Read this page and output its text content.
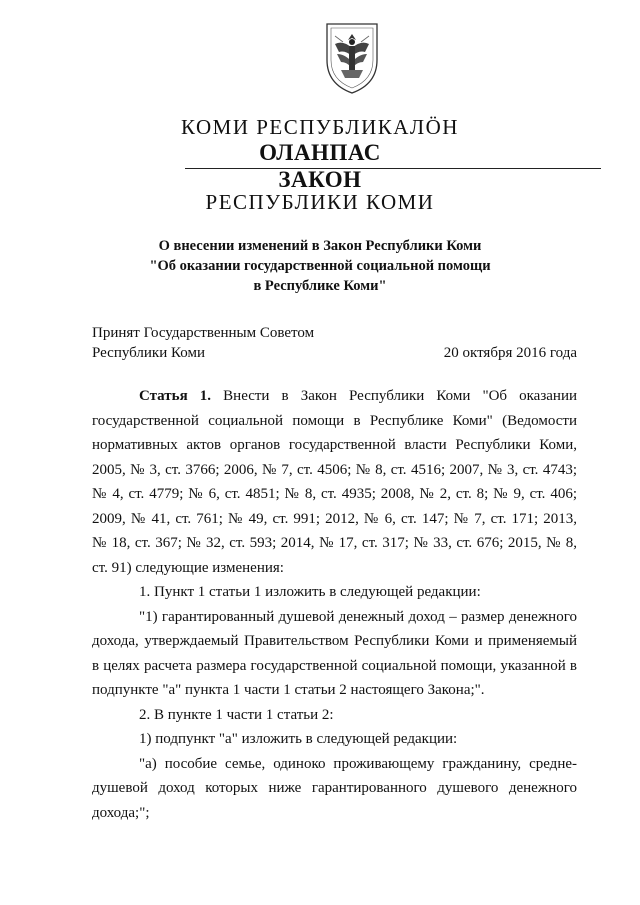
КОМИ РЕСПУБЛИКАЛӦН
ОЛАНПАС
ЗАКОН
РЕСПУБЛИКИ КОМИ
О внесении изменений в Закон Республики Коми
"Об оказании государственной социальной помощи
в Республике Коми"
Принят Государственным Советом
Республики Коми	20 октября 2016 года
Статья 1. Внести в Закон Республики Коми "Об оказании
государственной социальной помощи в Республике Коми" (Ведомости
нормативных актов органов государственной власти Республики Коми,
2005, № 3, ст. 3766; 2006, № 7, ст. 4506; № 8, ст. 4516; 2007, № 3, ст. 4743;
№ 4, ст. 4779; № 6, ст. 4851; № 8, ст. 4935; 2008, № 2, ст. 8; № 9, ст. 406;
2009, № 41, ст. 761; № 49, ст. 991; 2012, № 6, ст. 147; № 7, ст. 171; 2013,
№ 18, ст. 367; № 32, ст. 593; 2014, № 17, ст. 317; № 33, ст. 676; 2015, № 8,
ст. 91) следующие изменения:
1. Пункт 1 статьи 1 изложить в следующей редакции:
"1) гарантированный душевой денежный доход – размер денежного
дохода, утверждаемый Правительством Республики Коми и применяемый
в целях расчета размера государственной социальной помощи, указанной в
подпункте "а" пункта 1 части 1 статьи 2 настоящего Закона;".
2. В пункте 1 части 1 статьи 2:
1) подпункт "а" изложить в следующей редакции:
"а) пособие семье, одиноко проживающему гражданину, средне-
душевой доход которых ниже гарантированного душевого денежного
дохода;";
